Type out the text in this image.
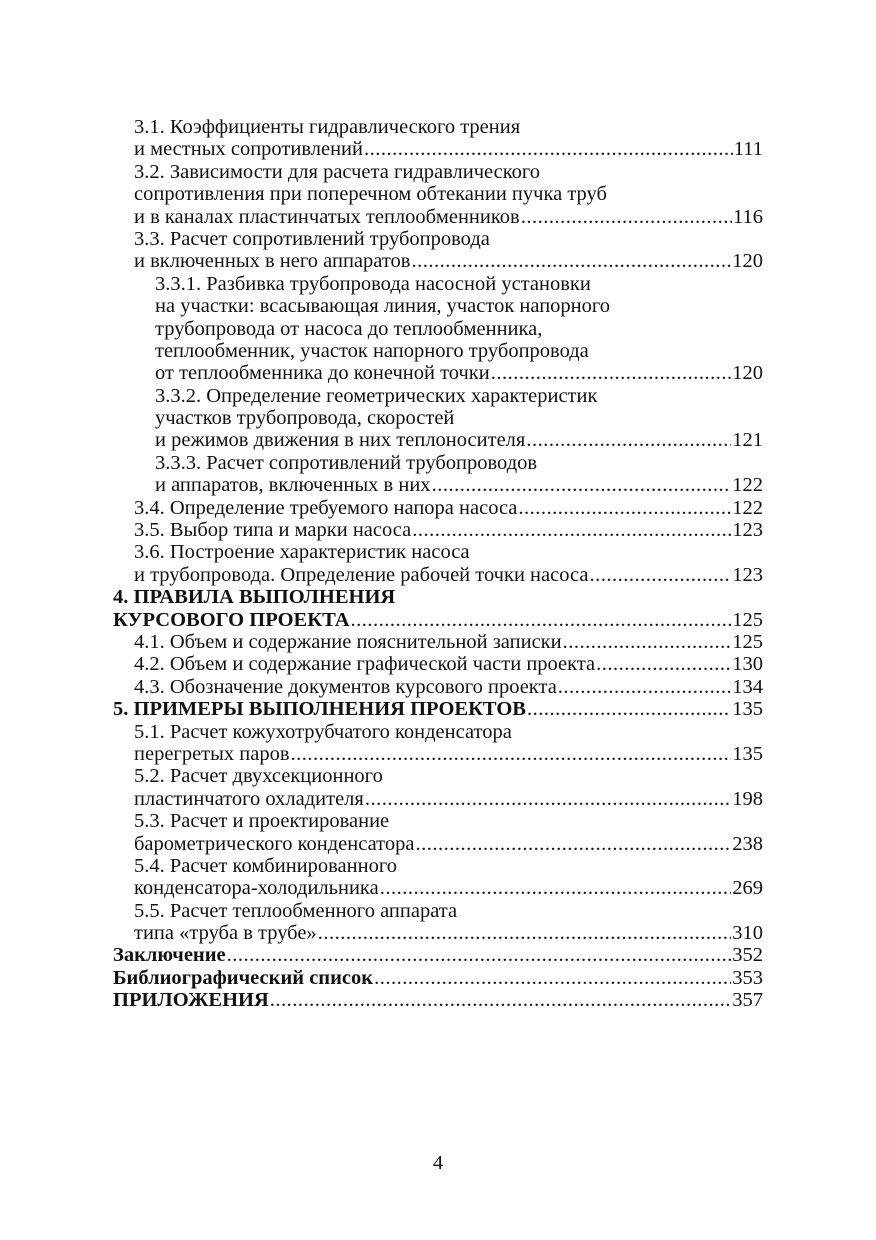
3.1. Коэффициенты гидравлического трения
и местных сопротивлений .....	111
3.2. Зависимости для расчета гидравлического
сопротивления при поперечном обтекании пучка труб
и в каналах пластинчатых теплообменников .....	116
3.3. Расчет сопротивлений трубопровода
и включенных в него аппаратов .....	120
3.3.1. Разбивка трубопровода насосной установки
на участки: всасывающая линия, участок напорного
трубопровода от насоса до теплообменника,
теплообменник, участок напорного трубопровода
от теплообменника до конечной точки .....	120
3.3.2. Определение геометрических характеристик
участков трубопровода, скоростей
и режимов движения в них теплоносителя .....	121
3.3.3. Расчет сопротивлений трубопроводов
и аппаратов, включенных в них .....	122
3.4. Определение требуемого напора насоса .....	122
3.5. Выбор типа и марки насоса .....	123
3.6. Построение характеристик насоса
и трубопровода. Определение рабочей точки насоса .....	123
4. ПРАВИЛА ВЫПОЛНЕНИЯ
КУРСОВОГО ПРОЕКТА .....	125
4.1. Объем и содержание пояснительной записки .....	125
4.2. Объем и содержание графической части проекта .....	130
4.3. Обозначение документов курсового проекта .....	134
5. ПРИМЕРЫ ВЫПОЛНЕНИЯ ПРОЕКТОВ .....	135
5.1. Расчет кожухотрубчатого конденсатора
перегретых паров .....	135
5.2. Расчет двухсекционного
пластинчатого охладителя .....	198
5.3. Расчет и проектирование
барометрического конденсатора .....	238
5.4. Расчет комбинированного
конденсатора-холодильника .....	269
5.5. Расчет теплообменного аппарата
типа «труба в трубе» .....	310
Заключение .....	352
Библиографический список .....	353
ПРИЛОЖЕНИЯ .....	357
4
